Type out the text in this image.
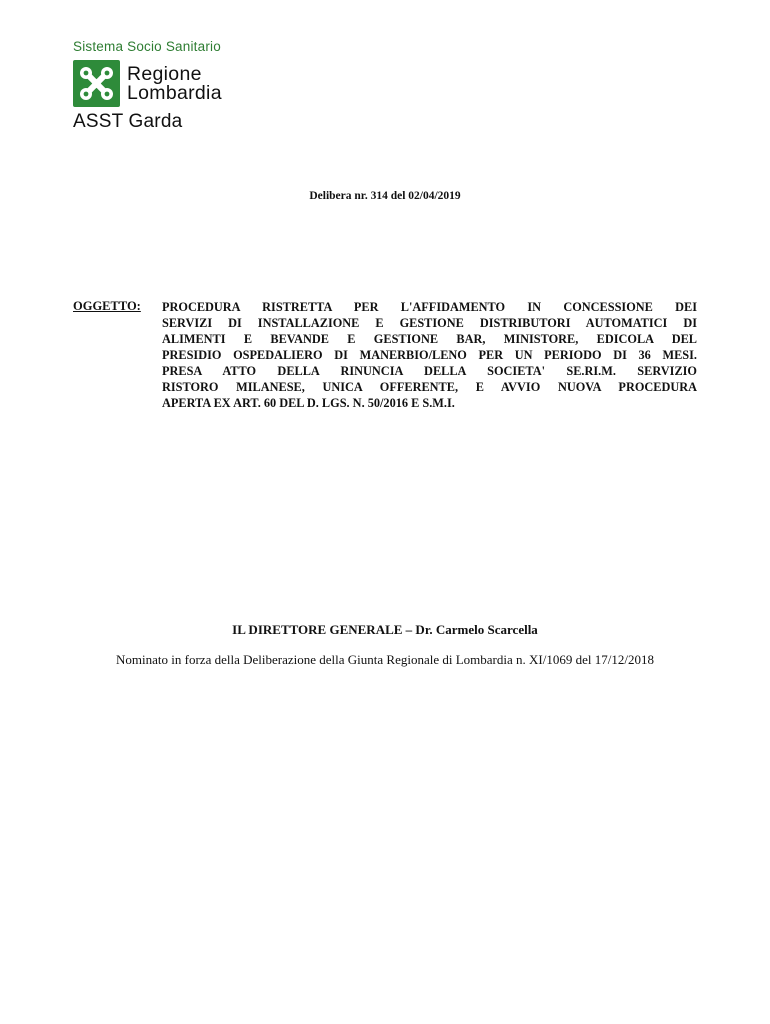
Sistema Socio Sanitario
Regione
Lombardia
ASST Garda
Delibera nr. 314 del 02/04/2019
OGGETTO: PROCEDURA RISTRETTA PER L'AFFIDAMENTO IN CONCESSIONE DEI
SERVIZI DI INSTALLAZIONE E GESTIONE DISTRIBUTORI AUTOMATICI DI
ALIMENTI E BEVANDE E GESTIONE BAR, MINISTORE, EDICOLA DEL
PRESIDIO OSPEDALIERO DI MANERBIO/LENO PER UN PERIODO DI 36 MESI.
PRESA ATTO DELLA RINUNCIA DELLA SOCIETA' SE.RI.M. SERVIZIO
RISTORO MILANESE, UNICA OFFERENTE, E AVVIO NUOVA PROCEDURA
APERTA EX ART. 60 DEL D. LGS. N. 50/2016 E S.M.I.
IL DIRETTORE GENERALE – Dr. Carmelo Scarcella
Nominato in forza della Deliberazione della Giunta Regionale di Lombardia n. XI/1069 del 17/12/2018
